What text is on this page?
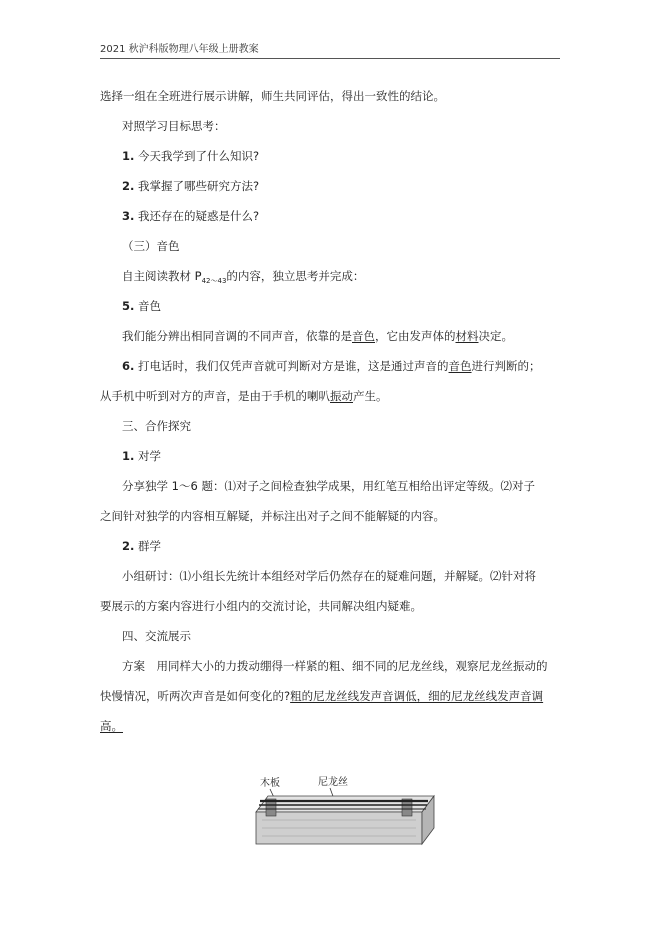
2021 秋沪科版物理八年级上册教案
选择一组在全班进行展示讲解，师生共同评估，得出一致性的结论。
对照学习目标思考：
1. 今天我学到了什么知识?
2. 我掌握了哪些研究方法?
3. 我还存在的疑惑是什么?
（三）音色
自主阅读教材 $P_{42\sim 43}$的内容，独立思考并完成：
5. 音色
我们能分辨出相同音调的不同声音，依靠的是音色，它由发声体的材料决定。
6. 打电话时，我们仅凭声音就可判断对方是谁，这是通过声音的音色进行判断的；
从手机中听到对方的声音，是由于手机的喇叭振动产生。
三、合作探究
1. 对学
分享独学 1～6 题：⑴对子之间检查独学成果，用红笔互相给出评定等级。⑵对子
之间针对独学的内容相互解疑，并标注出对子之间不能解疑的内容。
2. 群学
小组研讨：⑴小组长先统计本组经对学后仍然存在的疑难问题，并解疑。⑵针对将
要展示的方案内容进行小组内的交流讨论，共同解决组内疑难。
四、交流展示
方案　用同样大小的力拨动绷得一样紧的粗、细不同的尼龙丝线，观察尼龙丝振动的
快慢情况，听两次声音是如何变化的?粗的尼龙丝线发声音调低，细的尼龙丝线发声音调
高。
木板	尼龙丝
